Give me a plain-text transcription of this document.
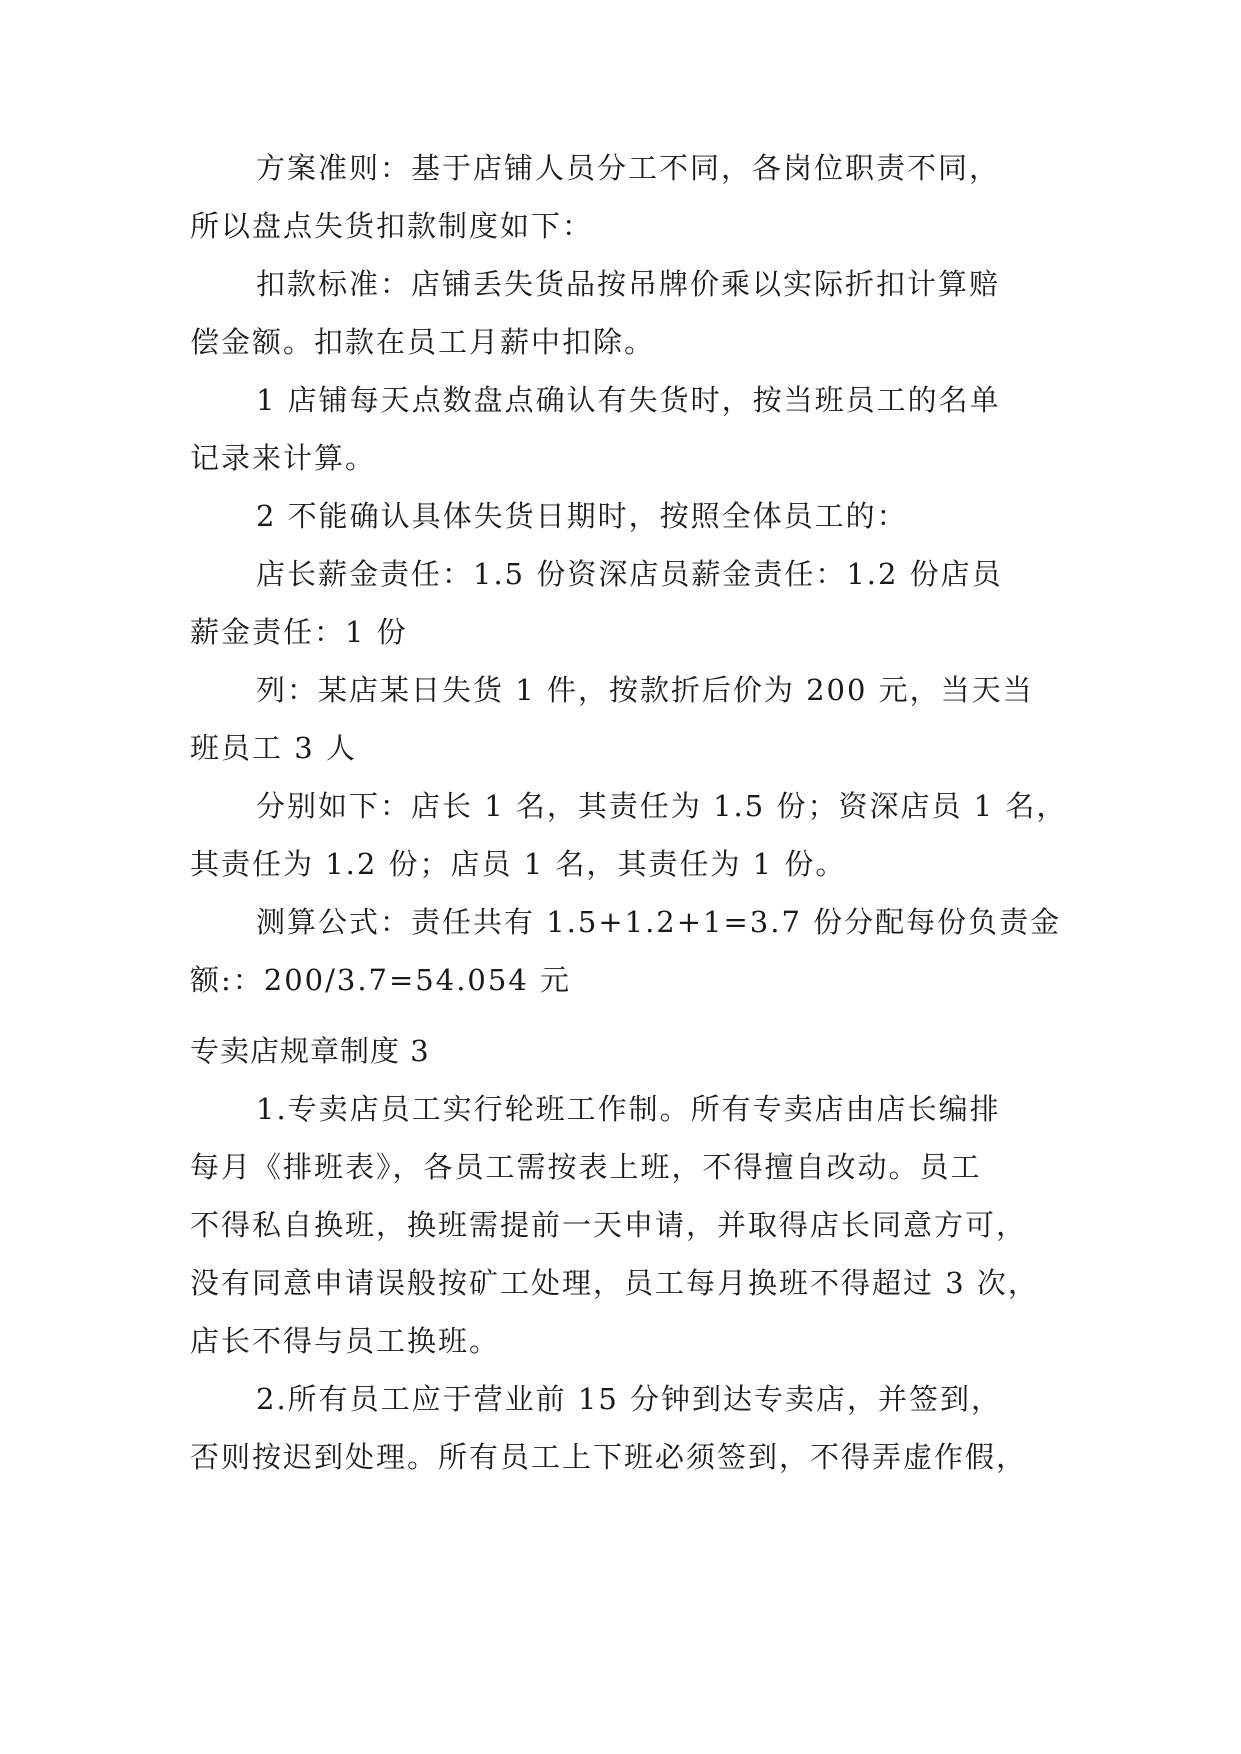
方案准则：基于店铺人员分工不同，各岗位职责不同，
所以盘点失货扣款制度如下：
扣款标准：店铺丢失货品按吊牌价乘以实际折扣计算赔
偿金额。扣款在员工月薪中扣除。
1 店铺每天点数盘点确认有失货时，按当班员工的名单
记录来计算。
2 不能确认具体失货日期时，按照全体员工的：
店长薪金责任：1.5 份资深店员薪金责任：1.2 份店员
薪金责任：1 份
列：某店某日失货 1 件，按款折后价为 200 元，当天当
班员工 3 人
分别如下：店长 1 名，其责任为 1.5 份；资深店员 1 名，
其责任为 1.2 份；店员 1 名，其责任为 1 份。
测算公式：责任共有 1.5+1.2+1=3.7 份分配每份负责金
额:：200/3.7=54.054 元
专卖店规章制度 3
1.专卖店员工实行轮班工作制。所有专卖店由店长编排
每月《排班表》，各员工需按表上班，不得擅自改动。员工
不得私自换班，换班需提前一天申请，并取得店长同意方可，
没有同意申请误般按矿工处理，员工每月换班不得超过 3 次，
店长不得与员工换班。
2.所有员工应于营业前 15 分钟到达专卖店，并签到，
否则按迟到处理。所有员工上下班必须签到，不得弄虚作假，
